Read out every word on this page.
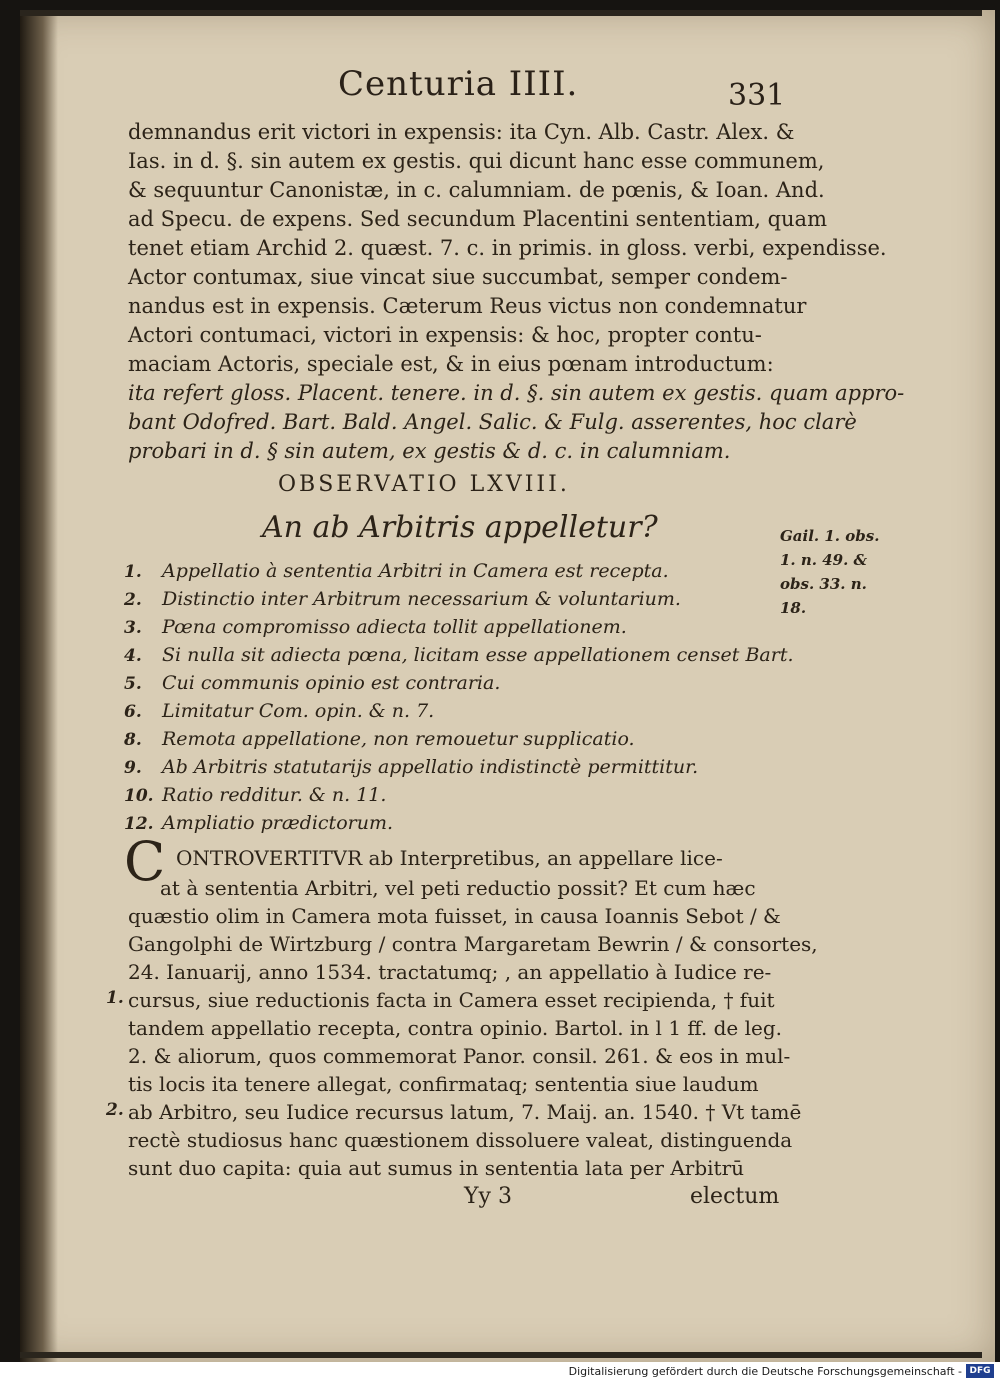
Centuria IIII.	331
demnandus erit victori in expensis: ita Cyn. Alb. Castr. Alex. &
Ias. in d. §. sin autem ex gestis. qui dicunt hanc esse communem,
& sequuntur Canonistæ, in c. calumniam. de pœnis, & Ioan. And.
ad Specu. de expens. Sed secundum Placentini sententiam, quam
tenet etiam Archid 2. quæst. 7. c. in primis. in gloss. verbi, expendisse.
Actor contumax, siue vincat siue succumbat, semper condem-
nandus est in expensis. Cæterum Reus victus non condemnatur
Actori contumaci, victori in expensis: & hoc, propter contu-
maciam Actoris, speciale est, & in eius pœnam introductum:
ita refert gloss. Placent. tenere. in d. §. sin autem ex gestis. quam appro-
bant Odofred. Bart. Bald. Angel. Salic. & Fulg. asserentes, hoc clarè
probari in d. § sin autem, ex gestis & d. c. in calumniam.
OBSERVATIO LXVIII.
An ab Arbitris appelletur?	Gail. 1. obs.
1. n. 49. &
obs. 33. n.
18.
1.	Appellatio à sententia Arbitri in Camera est recepta.
2.	Distinctio inter Arbitrum necessarium & voluntarium.
3.	Pœna compromisso adiecta tollit appellationem.
4.	Si nulla sit adiecta pœna, licitam esse appellationem censet Bart.
5.	Cui communis opinio est contraria.
6.	Limitatur Com. opin. & n. 7.
8.	Remota appellatione, non remouetur supplicatio.
9.	Ab Arbitris statutarijs appellatio indistinctè permittitur.
10. Ratio redditur. & n. 11.
12. Ampliatio prædictorum.
C ONTROVERTITVR ab Interpretibus, an appellare lice-
at à sententia Arbitri, vel peti reductio possit? Et cum hæc
quæstio olim in Camera mota fuisset, in causa Ioannis Sebot / &
Gangolphi de Wirtzburg / contra Margaretam Bewrin / & consortes,
24. Ianuarij, anno 1534. tractatumq; , an appellatio à Iudice re-
cursus, siue reductionis facta in Camera esset recipienda, † fuit
tandem appellatio recepta, contra opinio. Bartol. in l 1 ff. de leg.
2. & aliorum, quos commemorat Panor. consil. 261. & eos in mul-
tis locis ita tenere allegat, confirmataq; sententia siue laudum
ab Arbitro, seu Iudice recursus latum, 7. Maij. an. 1540. † Vt tamē
rectè studiosus hanc quæstionem dissoluere valeat, distinguenda
sunt duo capita: quia aut sumus in sententia lata per Arbitrū
1.
2.
Yy 3	electum
Digitalisierung gefördert durch die Deutsche Forschungsgemeinschaft - DFG
